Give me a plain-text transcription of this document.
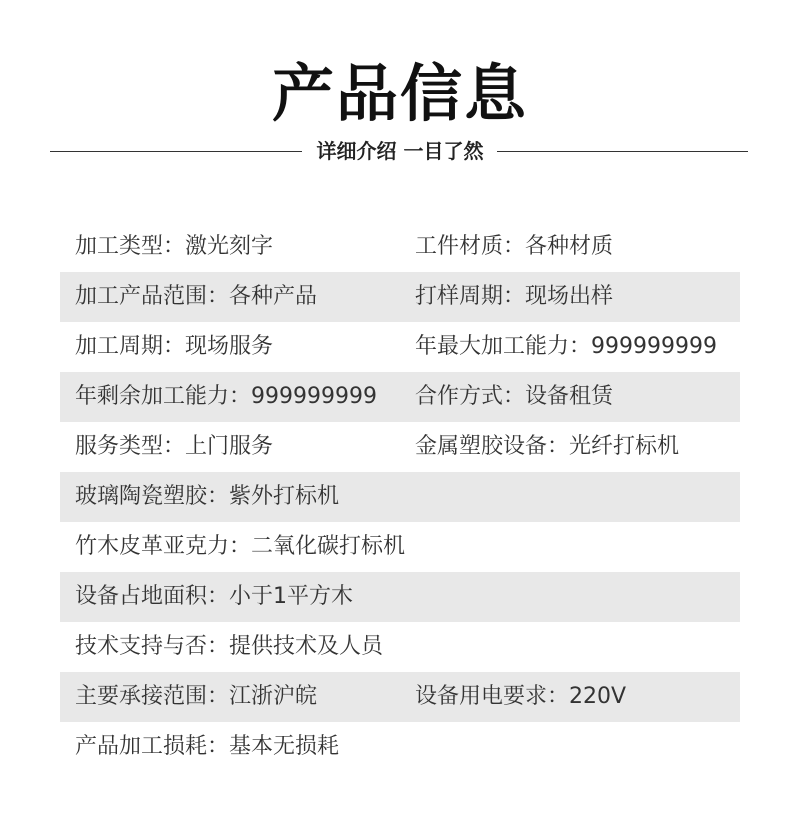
产品信息
详细介绍 一目了然
加工类型：激光刻字	工件材质：各种材质
加工产品范围：各种产品	打样周期：现场出样
加工周期：现场服务	年最大加工能力：999999999
年剩余加工能力：999999999	合作方式：设备租赁
服务类型：上门服务	金属塑胶设备：光纤打标机
玻璃陶瓷塑胶：紫外打标机
竹木皮革亚克力：二氧化碳打标机
设备占地面积：小于1平方木
技术支持与否：提供技术及人员
主要承接范围：江浙沪皖	设备用电要求：220V
产品加工损耗：基本无损耗
